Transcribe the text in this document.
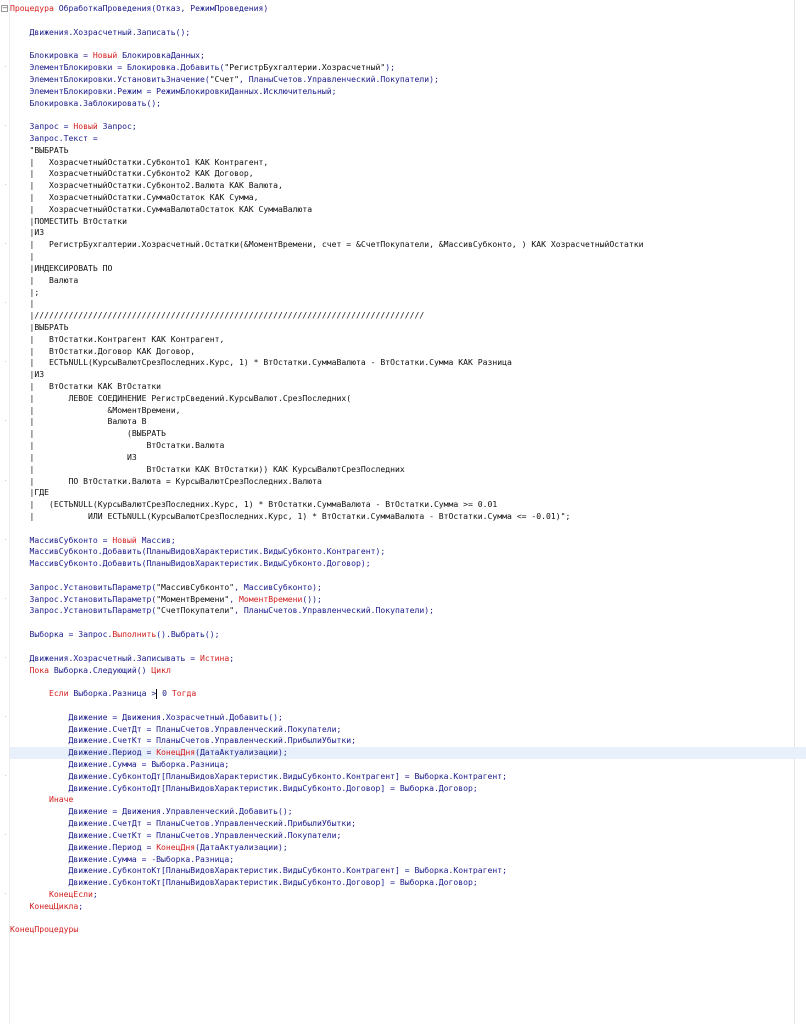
− Процедура ОбработкаПроведения(Отказ, РежимПроведения)
Движения.Хозрасчетный.Записать();
Блокировка = Новый БлокировкаДанных;
· ЭлементБлокировки = Блокировка.Добавить("РегистрБухгалтерии.Хозрасчетный");
ЭлементБлокировки.УстановитьЗначение("Счет", ПланыСчетов.Управленческий.Покупатели);
ЭлементБлокировки.Режим = РежимБлокировкиДанных.Исключительный;
Блокировка.Заблокировать();
· Запрос = Новый Запрос;
Запрос.Текст =
"ВЫБРАТЬ
|   ХозрасчетныйОстатки.Субконто1 КАК Контрагент,
|   ХозрасчетныйОстатки.Субконто2 КАК Договор,
· |   ХозрасчетныйОстатки.Субконто2.Валюта КАК Валюта,
|   ХозрасчетныйОстатки.СуммаОстаток КАК Сумма,
|   ХозрасчетныйОстатки.СуммаВалютаОстаток КАК СуммаВалюта
|ПОМЕСТИТЬ ВтОстатки
|ИЗ
· |   РегистрБухгалтерии.Хозрасчетный.Остатки(&МоментВремени, счет = &СчетПокупатели, &МассивСубконто, ) КАК ХозрасчетныйОстатки
|
|ИНДЕКСИРОВАТЬ ПО
|   Валюта
|;
· |
|////////////////////////////////////////////////////////////////////////////////
|ВЫБРАТЬ
|   ВтОстатки.Контрагент КАК Контрагент,
|   ВтОстатки.Договор КАК Договор,
· |   ЕСТЬNULL(КурсыВалютСрезПоследних.Курс, 1) * ВтОстатки.СуммаВалюта - ВтОстатки.Сумма КАК Разница
|ИЗ
|   ВтОстатки КАК ВтОстатки
|       ЛЕВОЕ СОЕДИНЕНИЕ РегистрСведений.КурсыВалют.СрезПоследних(
|               &МоментВремени,
· |               Валюта В
|                   (ВЫБРАТЬ
|                       ВтОстатки.Валюта
|                   ИЗ
|                       ВтОстатки КАК ВтОстатки)) КАК КурсыВалютСрезПоследних
· |       ПО ВтОстатки.Валюта = КурсыВалютСрезПоследних.Валюта
|ГДЕ
|   (ЕСТЬNULL(КурсыВалютСрезПоследних.Курс, 1) * ВтОстатки.СуммаВалюта - ВтОстатки.Сумма >= 0.01
|           ИЛИ ЕСТЬNULL(КурсыВалютСрезПоследних.Курс, 1) * ВтОстатки.СуммаВалюта - ВтОстатки.Сумма <= -0.01)";
· МассивСубконто = Новый Массив;
МассивСубконто.Добавить(ПланыВидовХарактеристик.ВидыСубконто.Контрагент);
МассивСубконто.Добавить(ПланыВидовХарактеристик.ВидыСубконто.Договор);
Запрос.УстановитьПараметр("МассивСубконто", МассивСубконто);
· Запрос.УстановитьПараметр("МоментВремени", МоментВремени());
Запрос.УстановитьПараметр("СчетПокупатели", ПланыСчетов.Управленческий.Покупатели);
Выборка = Запрос.Выполнить().Выбрать();
· Движения.Хозрасчетный.Записывать = Истина;
Пока Выборка.Следующий() Цикл
Если Выборка.Разница > 0 Тогда
· Движение = Движения.Хозрасчетный.Добавить();
Движение.СчетДт = ПланыСчетов.Управленческий.Покупатели;
Движение.СчетКт = ПланыСчетов.Управленческий.ПрибылиУбытки;
Движение.Период = КонецДня(ДатаАктуализации);
Движение.Сумма = Выборка.Разница;
· Движение.СубконтоДт[ПланыВидовХарактеристик.ВидыСубконто.Контрагент] = Выборка.Контрагент;
Движение.СубконтоДт[ПланыВидовХарактеристик.ВидыСубконто.Договор] = Выборка.Договор;
Иначе
Движение = Движения.Управленческий.Добавить();
Движение.СчетДт = ПланыСчетов.Управленческий.ПрибылиУбытки;
· Движение.СчетКт = ПланыСчетов.Управленческий.Покупатели;
Движение.Период = КонецДня(ДатаАктуализации);
Движение.Сумма = -Выборка.Разница;
Движение.СубконтоКт[ПланыВидовХарактеристик.ВидыСубконто.Контрагент] = Выборка.Контрагент;
Движение.СубконтоКт[ПланыВидовХарактеристик.ВидыСубконто.Договор] = Выборка.Договор;
· КонецЕсли;
КонецЦикла;
КонецПроцедуры
